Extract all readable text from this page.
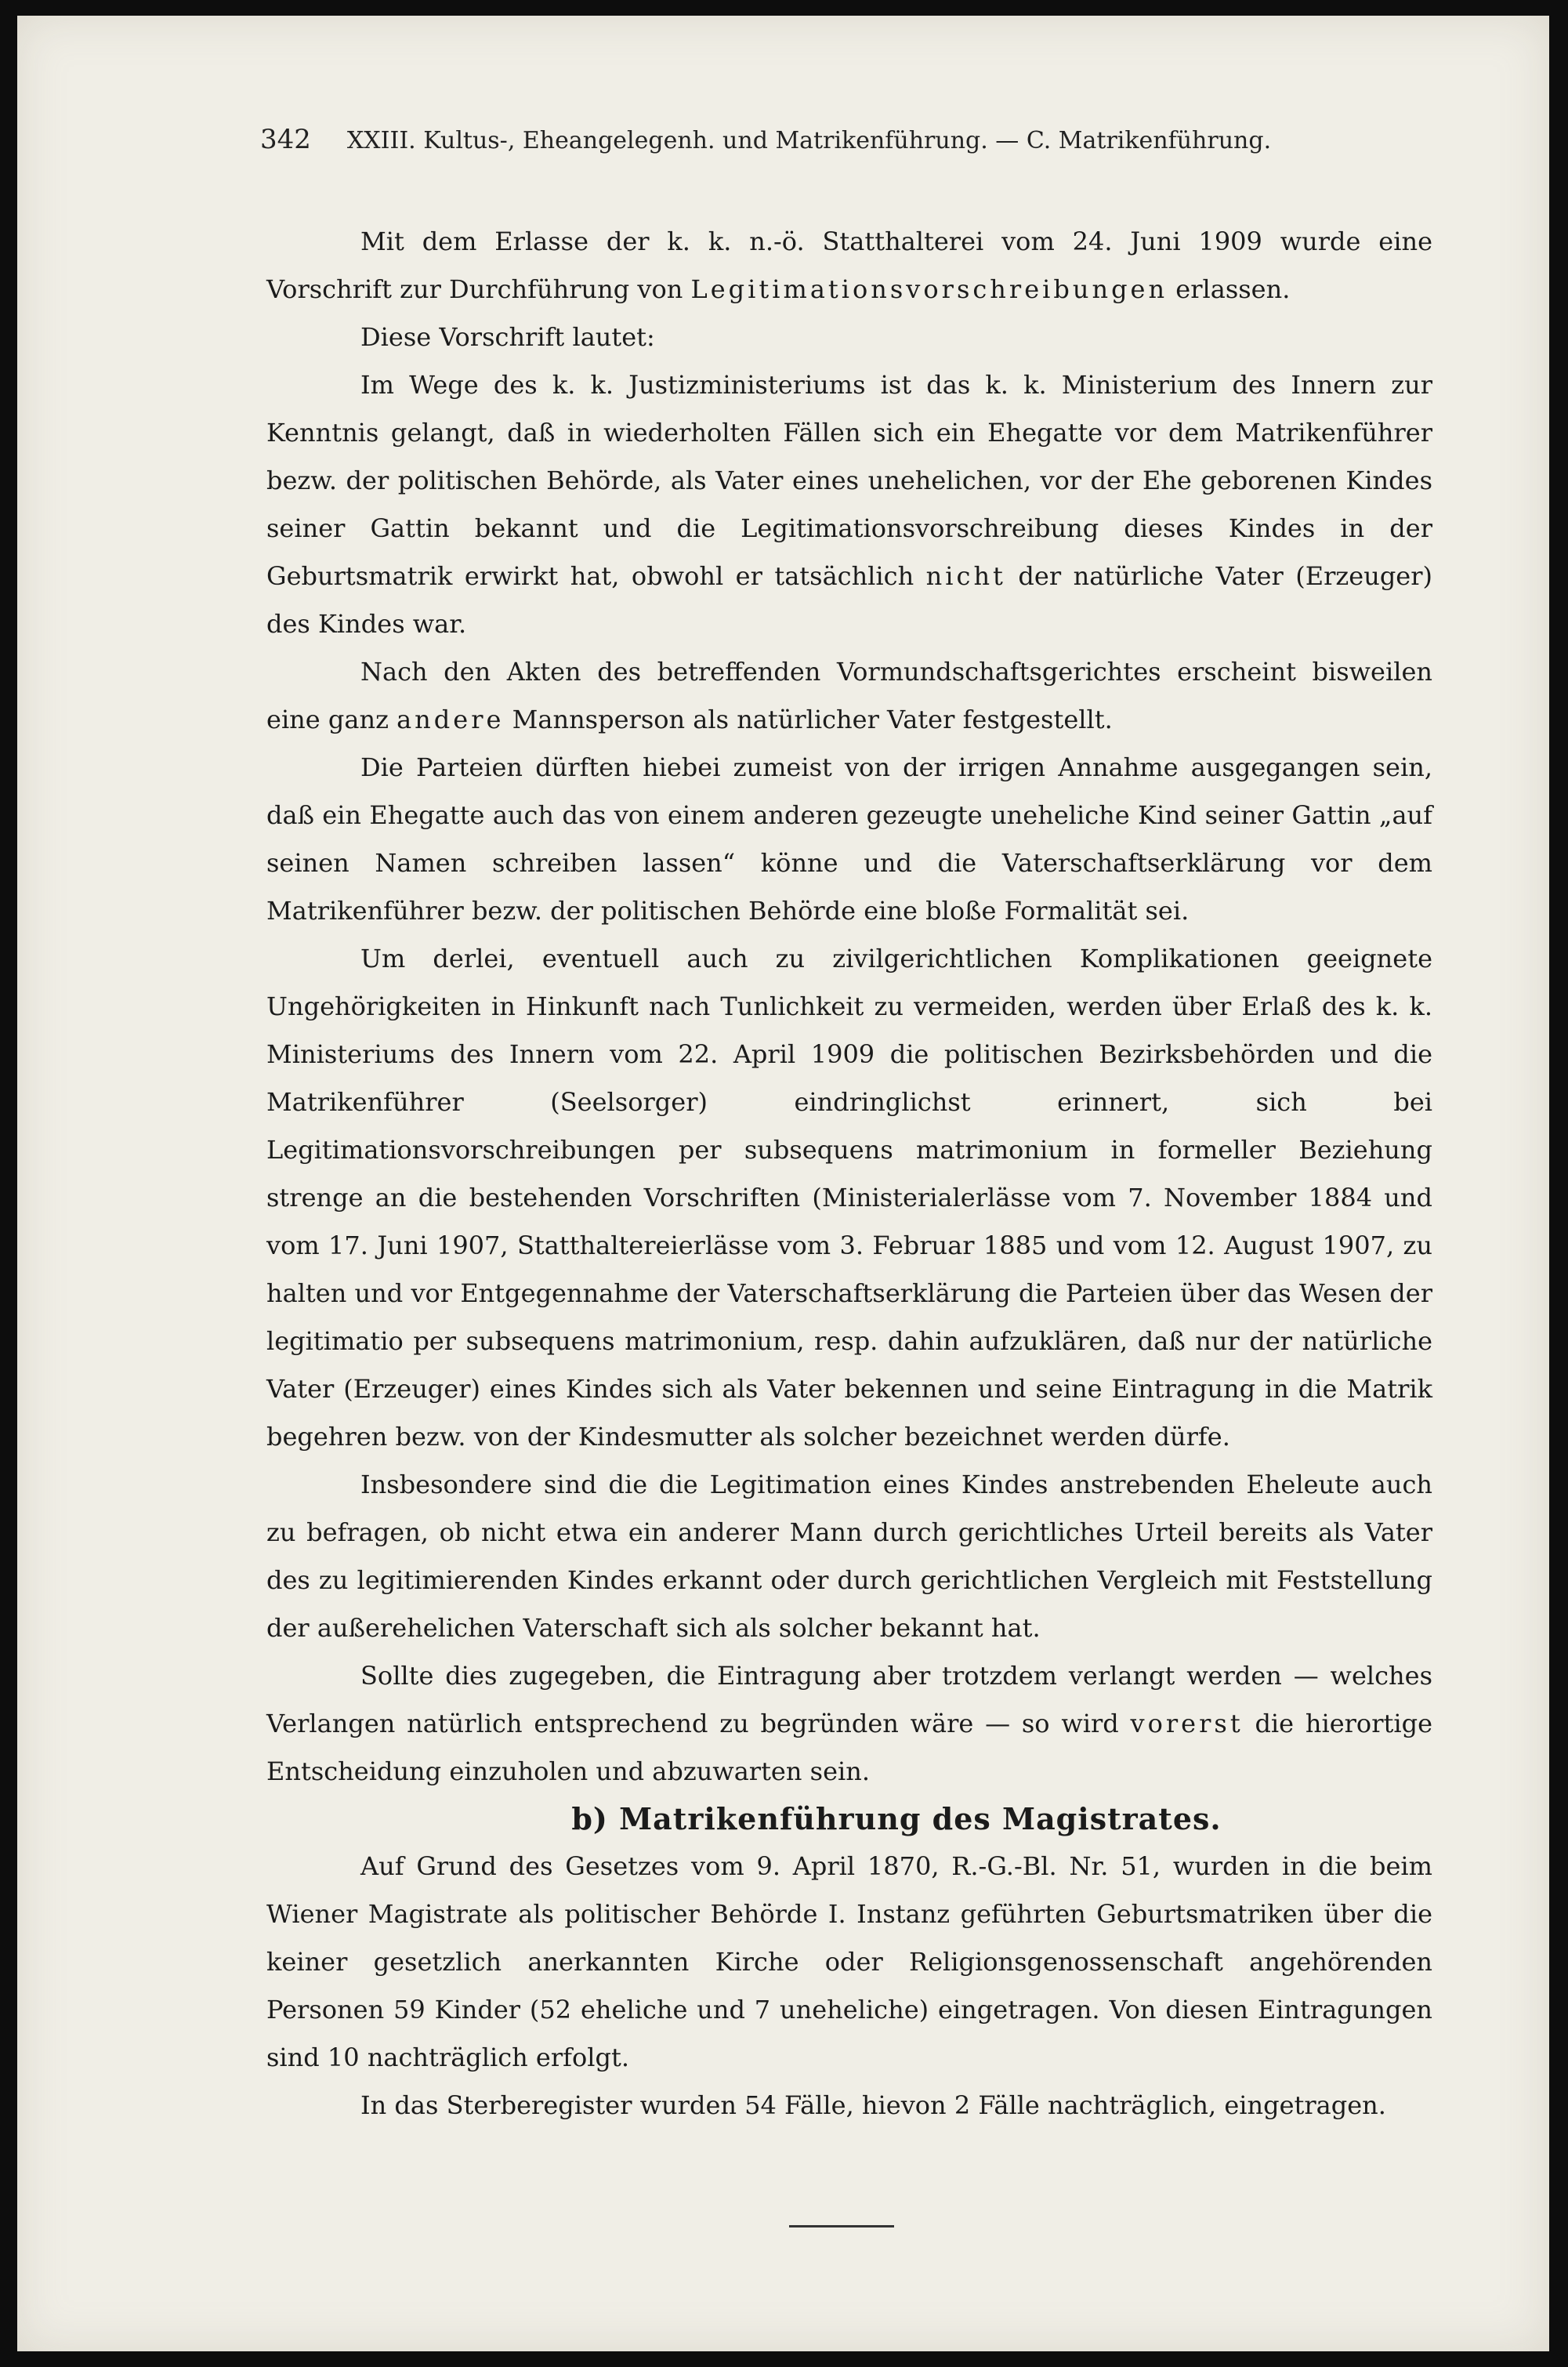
342 XXIII. Kultus-, Eheangelegenh. und Matrikenführung. — C. Matrikenführung.

Mit dem Erlasse der k. k. n.-ö. Statthalterei vom 24. Juni 1909 wurde eine Vorschrift zur Durchführung von Legitimationsvorschreibungen erlassen.

Diese Vorschrift lautet:

Im Wege des k. k. Justizministeriums ist das k. k. Ministerium des Innern zur Kenntnis gelangt, daß in wiederholten Fällen sich ein Ehegatte vor dem Matrikenführer bezw. der politischen Behörde, als Vater eines unehelichen, vor der Ehe geborenen Kindes seiner Gattin bekannt und die Legitimationsvorschreibung dieses Kindes in der Geburtsmatrik erwirkt hat, obwohl er tatsächlich nicht der natürliche Vater (Erzeuger) des Kindes war.

Nach den Akten des betreffenden Vormundschaftsgerichtes erscheint bisweilen eine ganz andere Mannsperson als natürlicher Vater festgestellt.

Die Parteien dürften hiebei zumeist von der irrigen Annahme ausgegangen sein, daß ein Ehegatte auch das von einem anderen gezeugte uneheliche Kind seiner Gattin „auf seinen Namen schreiben lassen“ könne und die Vaterschaftserklärung vor dem Matrikenführer bezw. der politischen Behörde eine bloße Formalität sei.

Um derlei, eventuell auch zu zivilgerichtlichen Komplikationen geeignete Ungehörigkeiten in Hinkunft nach Tunlichkeit zu vermeiden, werden über Erlaß des k. k. Ministeriums des Innern vom 22. April 1909 die politischen Bezirksbehörden und die Matrikenführer (Seelsorger) eindringlichst erinnert, sich bei Legitimationsvorschreibungen per subsequens matrimonium in formeller Beziehung strenge an die bestehenden Vorschriften (Ministerialerlässe vom 7. November 1884 und vom 17. Juni 1907, Statthaltereierlässe vom 3. Februar 1885 und vom 12. August 1907, zu halten und vor Entgegennahme der Vaterschaftserklärung die Parteien über das Wesen der legitimatio per subsequens matrimonium, resp. dahin aufzuklären, daß nur der natürliche Vater (Erzeuger) eines Kindes sich als Vater bekennen und seine Eintragung in die Matrik begehren bezw. von der Kindesmutter als solcher bezeichnet werden dürfe.

Insbesondere sind die die Legitimation eines Kindes anstrebenden Eheleute auch zu befragen, ob nicht etwa ein anderer Mann durch gerichtliches Urteil bereits als Vater des zu legitimierenden Kindes erkannt oder durch gerichtlichen Vergleich mit Feststellung der außerehelichen Vaterschaft sich als solcher bekannt hat.

Sollte dies zugegeben, die Eintragung aber trotzdem verlangt werden — welches Verlangen natürlich entsprechend zu begründen wäre — so wird vorerst die hierortige Entscheidung einzuholen und abzuwarten sein.

b) Matrikenführung des Magistrates.

Auf Grund des Gesetzes vom 9. April 1870, R.-G.-Bl. Nr. 51, wurden in die beim Wiener Magistrate als politischer Behörde I. Instanz geführten Geburtsmatriken über die keiner gesetzlich anerkannten Kirche oder Religionsgenossenschaft angehörenden Personen 59 Kinder (52 eheliche und 7 uneheliche) eingetragen. Von diesen Eintragungen sind 10 nachträglich erfolgt.

In das Sterberegister wurden 54 Fälle, hievon 2 Fälle nachträglich, eingetragen.
